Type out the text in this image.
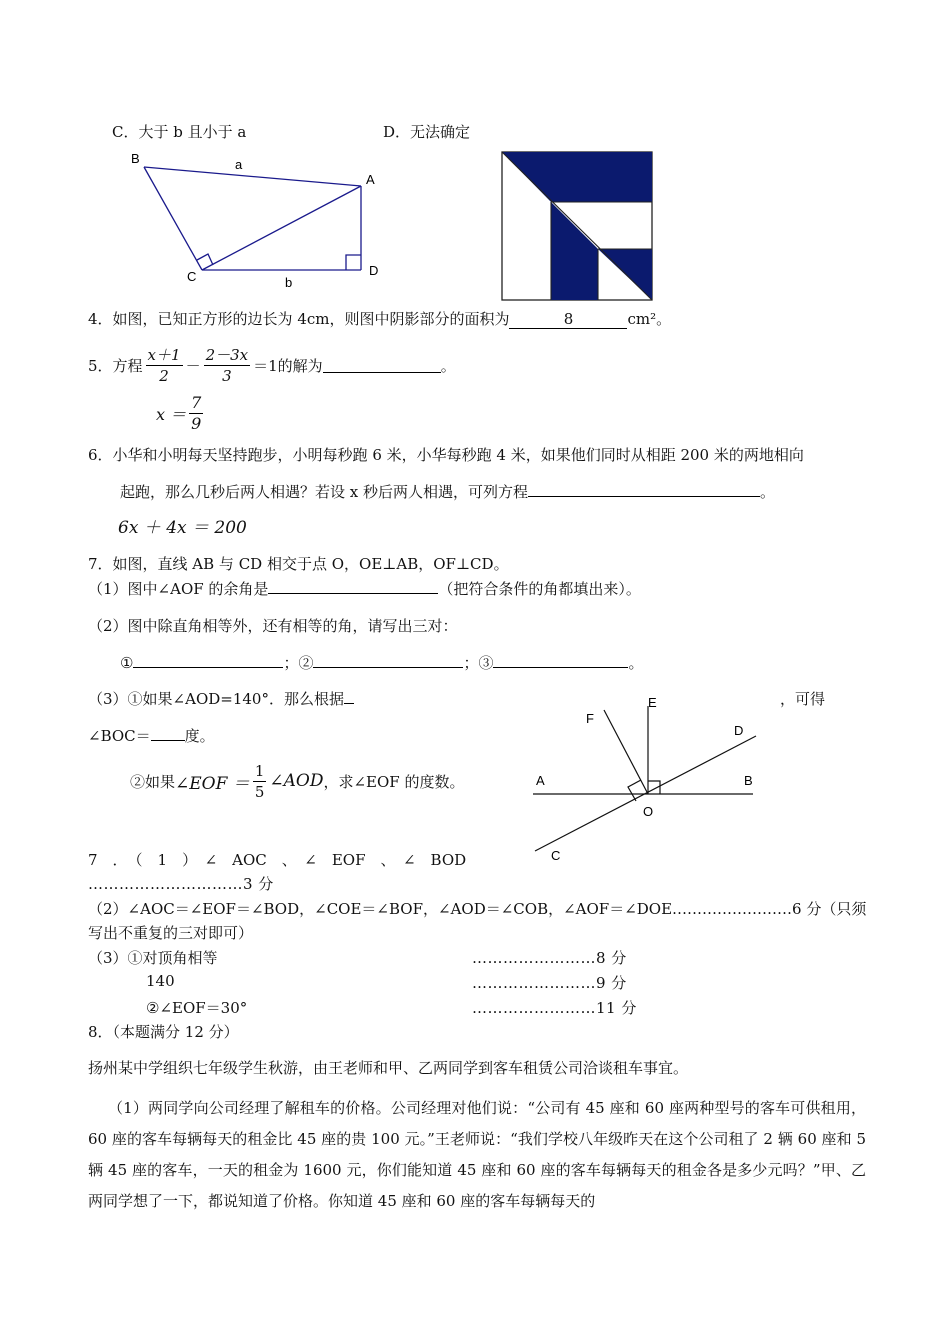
C．大于 b 且小于 a	D．无法确定
B
A
C	D
a
b
4．如图，已知正方形的边长为 4cm，则图中阴影部分的面积为	8	cm²。
5．方程 $\frac{x+1}{2} - \frac{2-3x}{3} =1$ 的解为	。
$x = \frac{7}{9}$
6．小华和小明每天坚持跑步，小明每秒跑 6 米，小华每秒跑 4 米，如果他们同时从相距 200 米的两地相向
起跑，那么几秒后两人相遇？若设 x 秒后两人相遇，可列方程	。
6x ＋ 4x ＝ 200
7．如图，直线 AB 与 CD 相交于点 O，OE⊥AB，OF⊥CD。
（1）图中∠AOF 的余角是	（把符合条件的角都填出来）。
（2）图中除直角相等外，还有相等的角，请写出三对：
①	；②	；③	。
（3）①如果∠AOD=140°．那么根据	，可得
∠BOC＝ 度。
②如果 ∠EOF ＝ $\frac{1}{5}$ ∠AOD ，求∠EOF 的度数。
E
F
D
A	B
O
C
7　．　（　1　）　∠　AOC　、　∠　EOF　、　∠　BOD
…………………………3 分
（2）∠AOC＝∠EOF＝∠BOD，∠COE＝∠BOF，∠AOD＝∠COB，∠AOF＝∠DOE……………………6 分（只须
写出不重复的三对即可）
（3）①对顶角相等	……………………8 分
140	……………………9 分
②∠EOF＝30°	……………………11 分
8．（本题满分 12 分）
扬州某中学组织七年级学生秋游，由王老师和甲、乙两同学到客车租赁公司洽谈租车事宜。
（1）两同学向公司经理了解租车的价格。公司经理对他们说：“公司有 45 座和 60 座两种型号的客车可供租用，60 座的客车每辆每天的租金比 45 座的贵 100 元。”王老师说：“我们学校八年级昨天在这个公司租了 2 辆 60 座和 5 辆 45 座的客车，一天的租金为 1600 元，你们能知道 45 座和 60 座的客车每辆每天的租金各是多少元吗？”甲、乙两同学想了一下，都说知道了价格。你知道 45 座和 60 座的客车每辆每天的
